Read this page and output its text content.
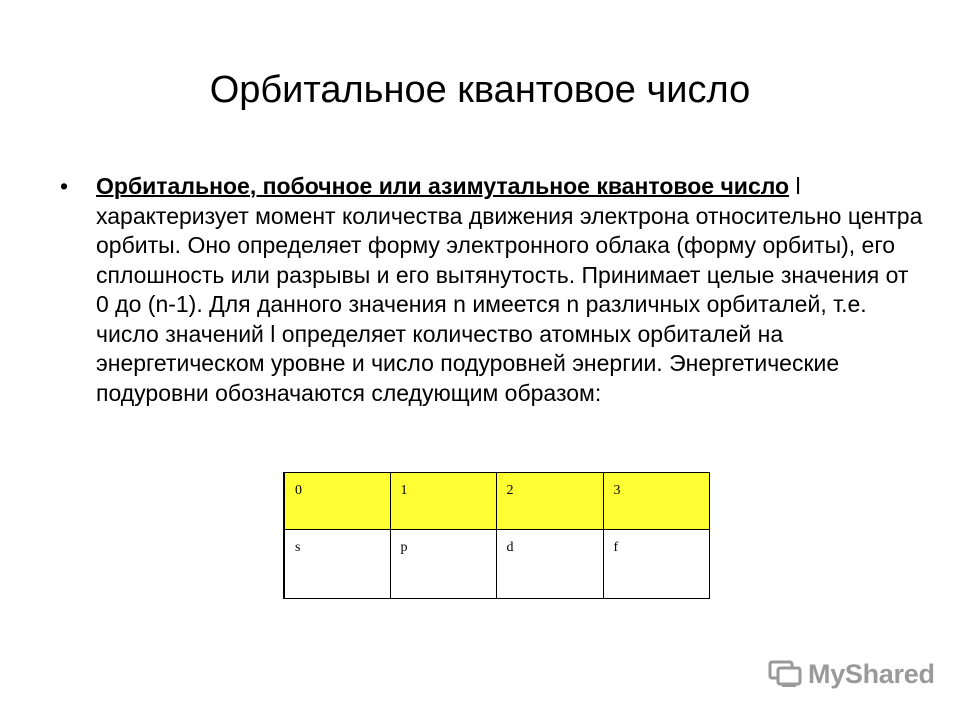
Орбитальное квантовое число
•	Орбитальное, побочное или азимутальное квантовое число l характеризует момент количества движения электрона относительно центра орбиты. Оно определяет форму электронного облака (форму орбиты), его сплошность или разрывы и его вытянутость. Принимает целые значения от 0 до (n-1). Для данного значения n имеется n различных орбиталей, т.е. число значений l определяет количество атомных орбиталей на энергетическом уровне и число подуровней энергии. Энергетические подуровни обозначаются следующим образом:
0	1	2	3
s	p	d	f
MyShared
